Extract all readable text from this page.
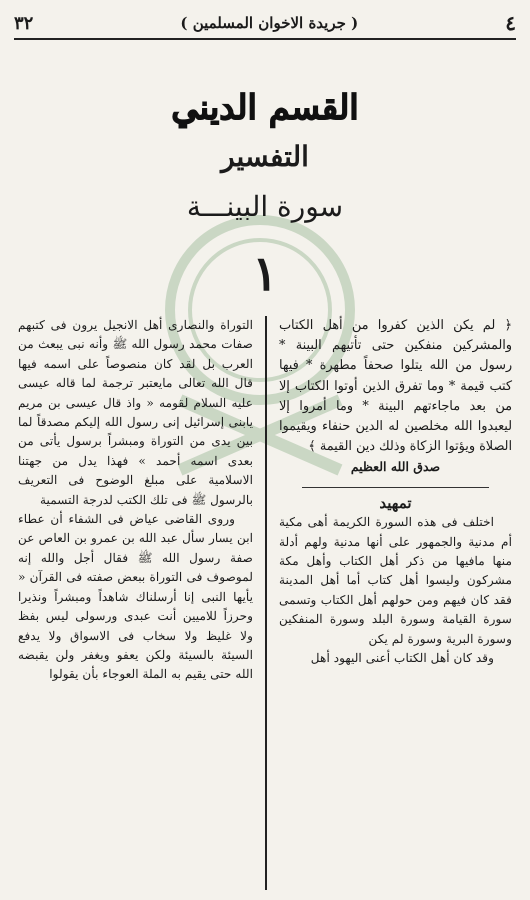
٤
( جريدة الاخوان المسلمين )
٣٢
القسم الديني
التفسير
سورة البينـــة
١

﴿ لم يكن الذين كفروا من أهل الكتاب والمشركين منفكين حتى تأتيهم البينة * رسول من الله يتلوا صحفاً مطهرة * فيها كتب قيمة * وما تفرق الذين أوتوا الكتاب إلا من بعد ماجاءتهم البينة * وما أمروا إلا ليعبدوا الله مخلصين له الدين حنفاء ويقيموا الصلاة ويؤتوا الزكاة وذلك دين القيمة ﴾

صدق الله العظيم

تمهيد

اختلف فى هذه السورة الكريمة أهى مكية أم مدنية والجمهور على أنها مدنية ولهم أدلة منها مافيها من ذكر أهل الكتاب وأهل مكة مشركون وليسوا أهل كتاب أما أهل المدينة فقد كان فيهم ومن حولهم أهل الكتاب وتسمى سورة القيامة وسورة البلد وسورة المنفكين وسورة البرية وسورة لم يكن

وقد كان أهل الكتاب أعنى اليهود أهل

التوراة والنصارى أهل الانجيل يرون فى كتبهم صفات محمد رسول الله ﷺ وأنه نبى يبعث من العرب بل لقد كان منصوصاً على اسمه فيها قال الله تعالى مايعتبر ترجمة لما قاله عيسى عليه السلام لقومه « واذ قال عيسى بن مريم يابنى إسرائيل إنى رسول الله إليكم مصدقاً لما بين يدى من التوراة ومبشراً برسول يأتى من بعدى اسمه أحمد » فهذا يدل من جهتنا الاسلامية على مبلغ الوضوح فى التعريف بالرسول ﷺ فى تلك الكتب لدرجة التسمية

وروى القاضى عياض فى الشفاء أن عطاء ابن يسار سأل عبد الله بن عمرو بن العاص عن صفة رسول الله ﷺ فقال أجل والله إنه لموصوف فى التوراة ببعض صفته فى القرآن « يأيها النبى إنا أرسلناك شاهداً ومبشراً ونذيرا وحرزاً للاميين أنت عبدى ورسولى ليس بفظ ولا غليظ ولا سخاب فى الاسواق ولا يدفع السيئة بالسيئة ولكن يعفو ويغفر ولن يقبضه الله حتى يقيم به الملة العوجاء بأن يقولوا
